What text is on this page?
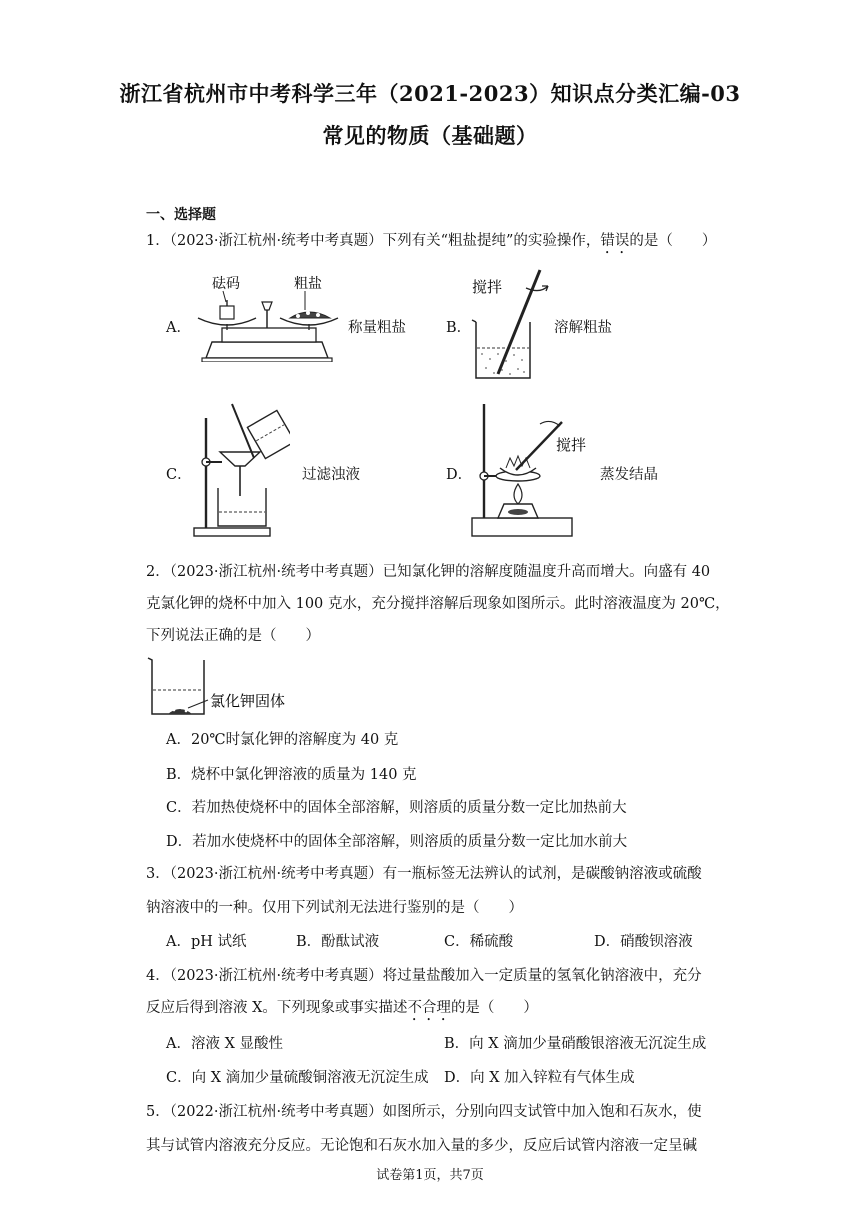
浙江省杭州市中考科学三年（2021-2023）知识点分类汇编-03
常见的物质（基础题）
一、选择题
1．（2023·浙江杭州·统考中考真题）下列有关“粗盐提纯”的实验操作，错误的是（　　）
A．
砝码	粗盐
称量粗盐	B．
搅拌
溶解粗盐
C．	过滤浊液	D．
搅拌
蒸发结晶
2．（2023·浙江杭州·统考中考真题）已知氯化钾的溶解度随温度升高而增大。向盛有 40
克氯化钾的烧杯中加入 100 克水，充分搅拌溶解后现象如图所示。此时溶液温度为 20℃，
下列说法正确的是（　　）
氯化钾固体
A．20℃时氯化钾的溶解度为 40 克
B．烧杯中氯化钾溶液的质量为 140 克
C．若加热使烧杯中的固体全部溶解，则溶质的质量分数一定比加热前大
D．若加水使烧杯中的固体全部溶解，则溶质的质量分数一定比加水前大
3．（2023·浙江杭州·统考中考真题）有一瓶标签无法辨认的试剂，是碳酸钠溶液或硫酸
钠溶液中的一种。仅用下列试剂无法进行鉴别的是（　　）
A．pH 试纸	B．酚酞试液	C．稀硫酸	D．硝酸钡溶液
4．（2023·浙江杭州·统考中考真题）将过量盐酸加入一定质量的氢氧化钠溶液中，充分
反应后得到溶液 X。下列现象或事实描述不合理的是（　　）
A．溶液 X 显酸性	B．向 X 滴加少量硝酸银溶液无沉淀生成
C．向 X 滴加少量硫酸铜溶液无沉淀生成 D．向 X 加入锌粒有气体生成
5．（2022·浙江杭州·统考中考真题）如图所示，分别向四支试管中加入饱和石灰水，使
其与试管内溶液充分反应。无论饱和石灰水加入量的多少，反应后试管内溶液一定呈碱
试卷第1页，共7页
